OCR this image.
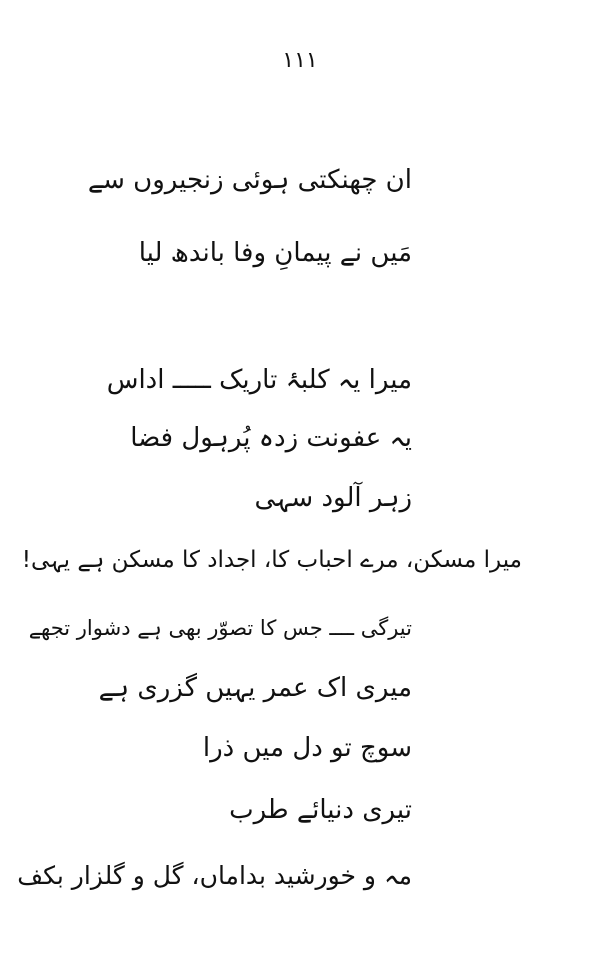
۱۱۱
ان چھنکتی ہوئی زنجیروں سے
مَیں نے پیمانِ وفا باندھ لیا
میرا یہ کلبۂ تاریک ـــــ اداس
یہ عفونت زدہ پُرہول فضا
زہر آلود سہی
میرا مسکن، مرے احباب کا، اجداد کا مسکن ہے یہی!
تیرگی ــــ جس کا تصوّر بھی ہے دشوار تجھے
میری اک عمر یہیں گزری ہے
سوچ تو دل میں ذرا
تیری دنیائے طرب
مہ و خورشید بداماں، گل و گلزار بکف
